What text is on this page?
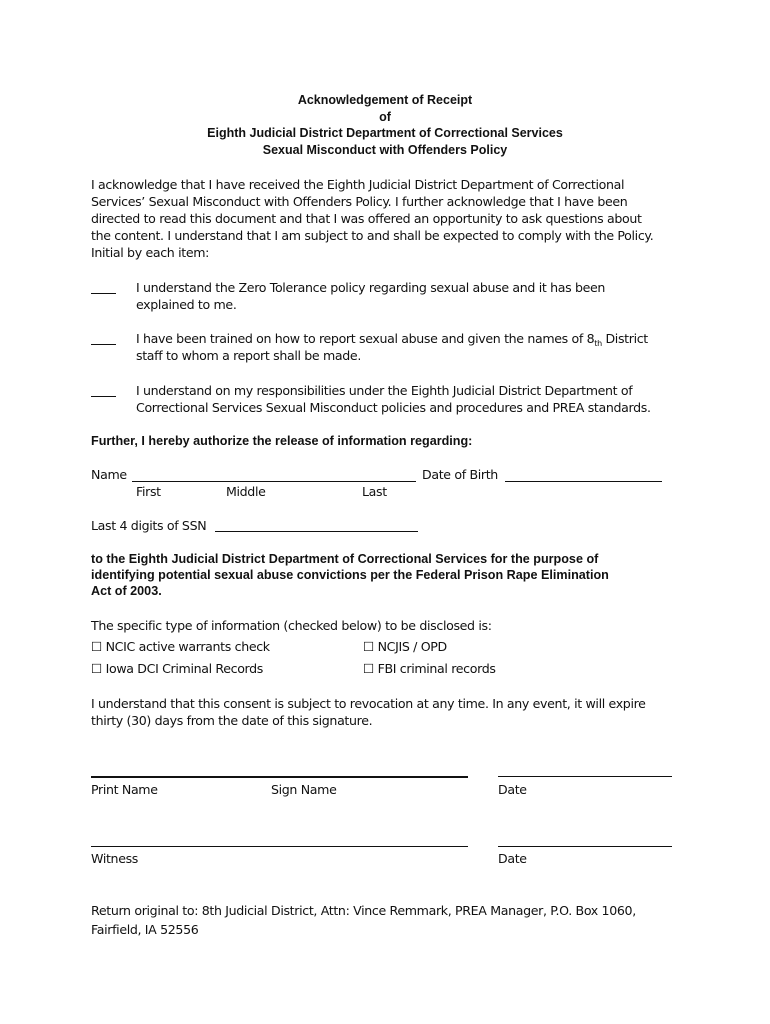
Acknowledgement of Receipt
of
Eighth Judicial District Department of Correctional Services
Sexual Misconduct with Offenders Policy
I acknowledge that I have received the Eighth Judicial District Department of Correctional
Services’ Sexual Misconduct with Offenders Policy. I further acknowledge that I have been
directed to read this document and that I was offered an opportunity to ask questions about
the content. I understand that I am subject to and shall be expected to comply with the Policy.
Initial by each item:
I understand the Zero Tolerance policy regarding sexual abuse and it has been
explained to me.
I have been trained on how to report sexual abuse and given the names of $8_{th}$ District
staff to whom a report shall be made.
I understand on my responsibilities under the Eighth Judicial District Department of
Correctional Services Sexual Misconduct policies and procedures and PREA standards.
Further, I hereby authorize the release of information regarding:
Name	Date of Birth
First	Middle	Last
Last 4 digits of SSN
to the Eighth Judicial District Department of Correctional Services for the purpose of
identifying potential sexual abuse convictions per the Federal Prison Rape Elimination
Act of 2003.
The specific type of information (checked below) to be disclosed is:
☐ NCIC active warrants check	☐ NCJIS / OPD
☐ Iowa DCI Criminal Records	☐ FBI criminal records
I understand that this consent is subject to revocation at any time. In any event, it will expire
thirty (30) days from the date of this signature.
Print Name	Sign Name	Date
Witness	Date
Return original to: 8th Judicial District, Attn: Vince Remmark, PREA Manager, P.O. Box 1060,
Fairfield, IA 52556
